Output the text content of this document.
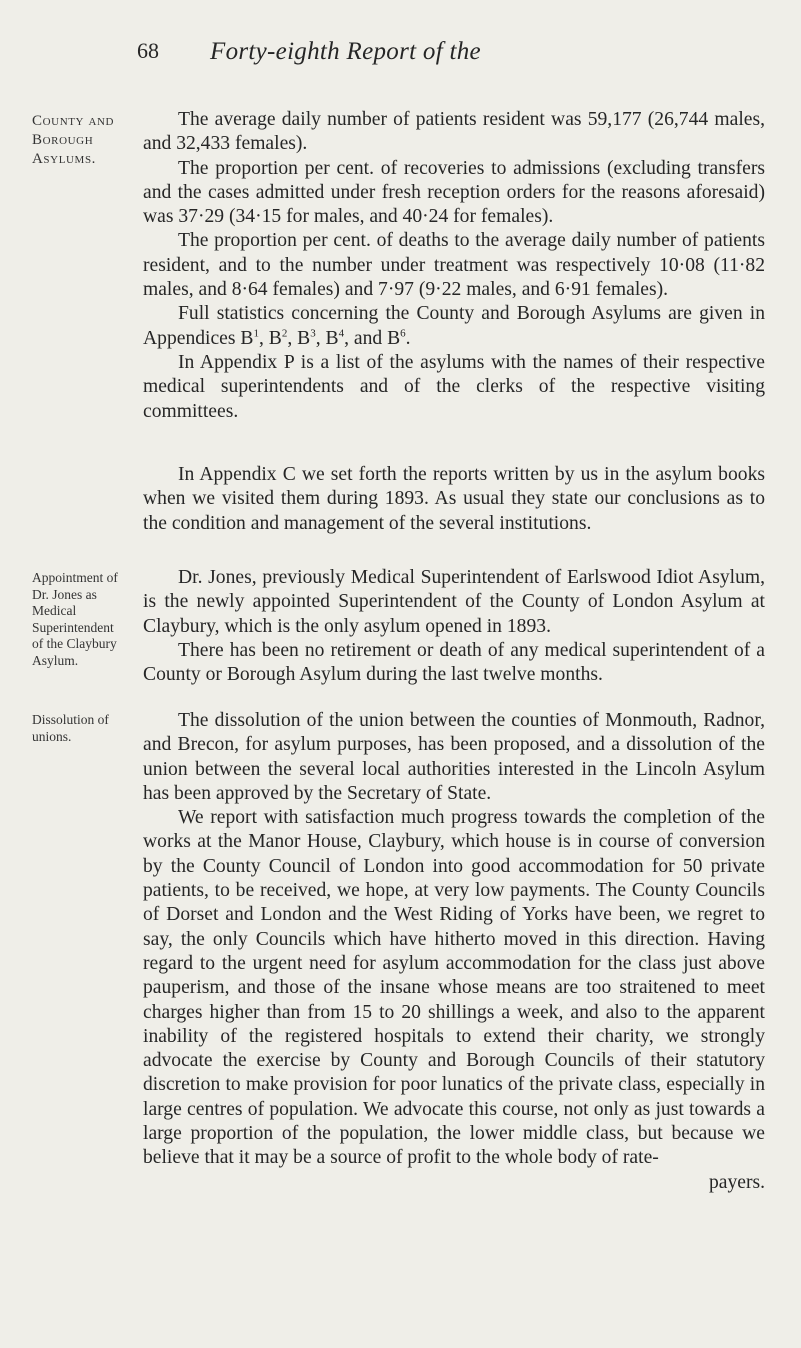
68 Forty-eighth Report of the
County and
Borough
Asylums.
Appointment of
Dr. Jones as
Medical
Superintendent
of the Claybury
Asylum.
Dissolution of
unions.

The average daily number of patients resident was 59,177 (26,744 males, and 32,433 females).

The proportion per cent. of recoveries to admissions (excluding transfers and the cases admitted under fresh reception orders for the reasons aforesaid) was 37·29 (34·15 for males, and 40·24 for females).

The proportion per cent. of deaths to the average daily number of patients resident, and to the number under treatment was respectively 10·08 (11·82 males, and 8·64 females) and 7·97 (9·22 males, and 6·91 females).

Full statistics concerning the County and Borough Asylums are given in Appendices $B^1$, $B^2$, $B^3$, $B^4$, and $B^6$.

In Appendix P is a list of the asylums with the names of their respective medical superintendents and of the clerks of the respective visiting committees.

In Appendix C we set forth the reports written by us in the asylum books when we visited them during 1893. As usual they state our conclusions as to the condition and management of the several institutions.

Dr. Jones, previously Medical Superintendent of Earlswood Idiot Asylum, is the newly appointed Superintendent of the County of London Asylum at Claybury, which is the only asylum opened in 1893.

There has been no retirement or death of any medical superintendent of a County or Borough Asylum during the last twelve months.

The dissolution of the union between the counties of Monmouth, Radnor, and Brecon, for asylum purposes, has been proposed, and a dissolution of the union between the several local authorities interested in the Lincoln Asylum has been approved by the Secretary of State.

We report with satisfaction much progress towards the completion of the works at the Manor House, Claybury, which house is in course of conversion by the County Council of London into good accommodation for 50 private patients, to be received, we hope, at very low payments. The County Councils of Dorset and London and the West Riding of Yorks have been, we regret to say, the only Councils which have hitherto moved in this direction. Having regard to the urgent need for asylum accommodation for the class just above pauperism, and those of the insane whose means are too straitened to meet charges higher than from 15 to 20 shillings a week, and also to the apparent inability of the registered hospitals to extend their charity, we strongly advocate the exercise by County and Borough Councils of their statutory discretion to make provision for poor lunatics of the private class, especially in large centres of population. We advocate this course, not only as just towards a large proportion of the population, the lower middle class, but because we believe that it may be a source of profit to the whole body of rate-

payers.
